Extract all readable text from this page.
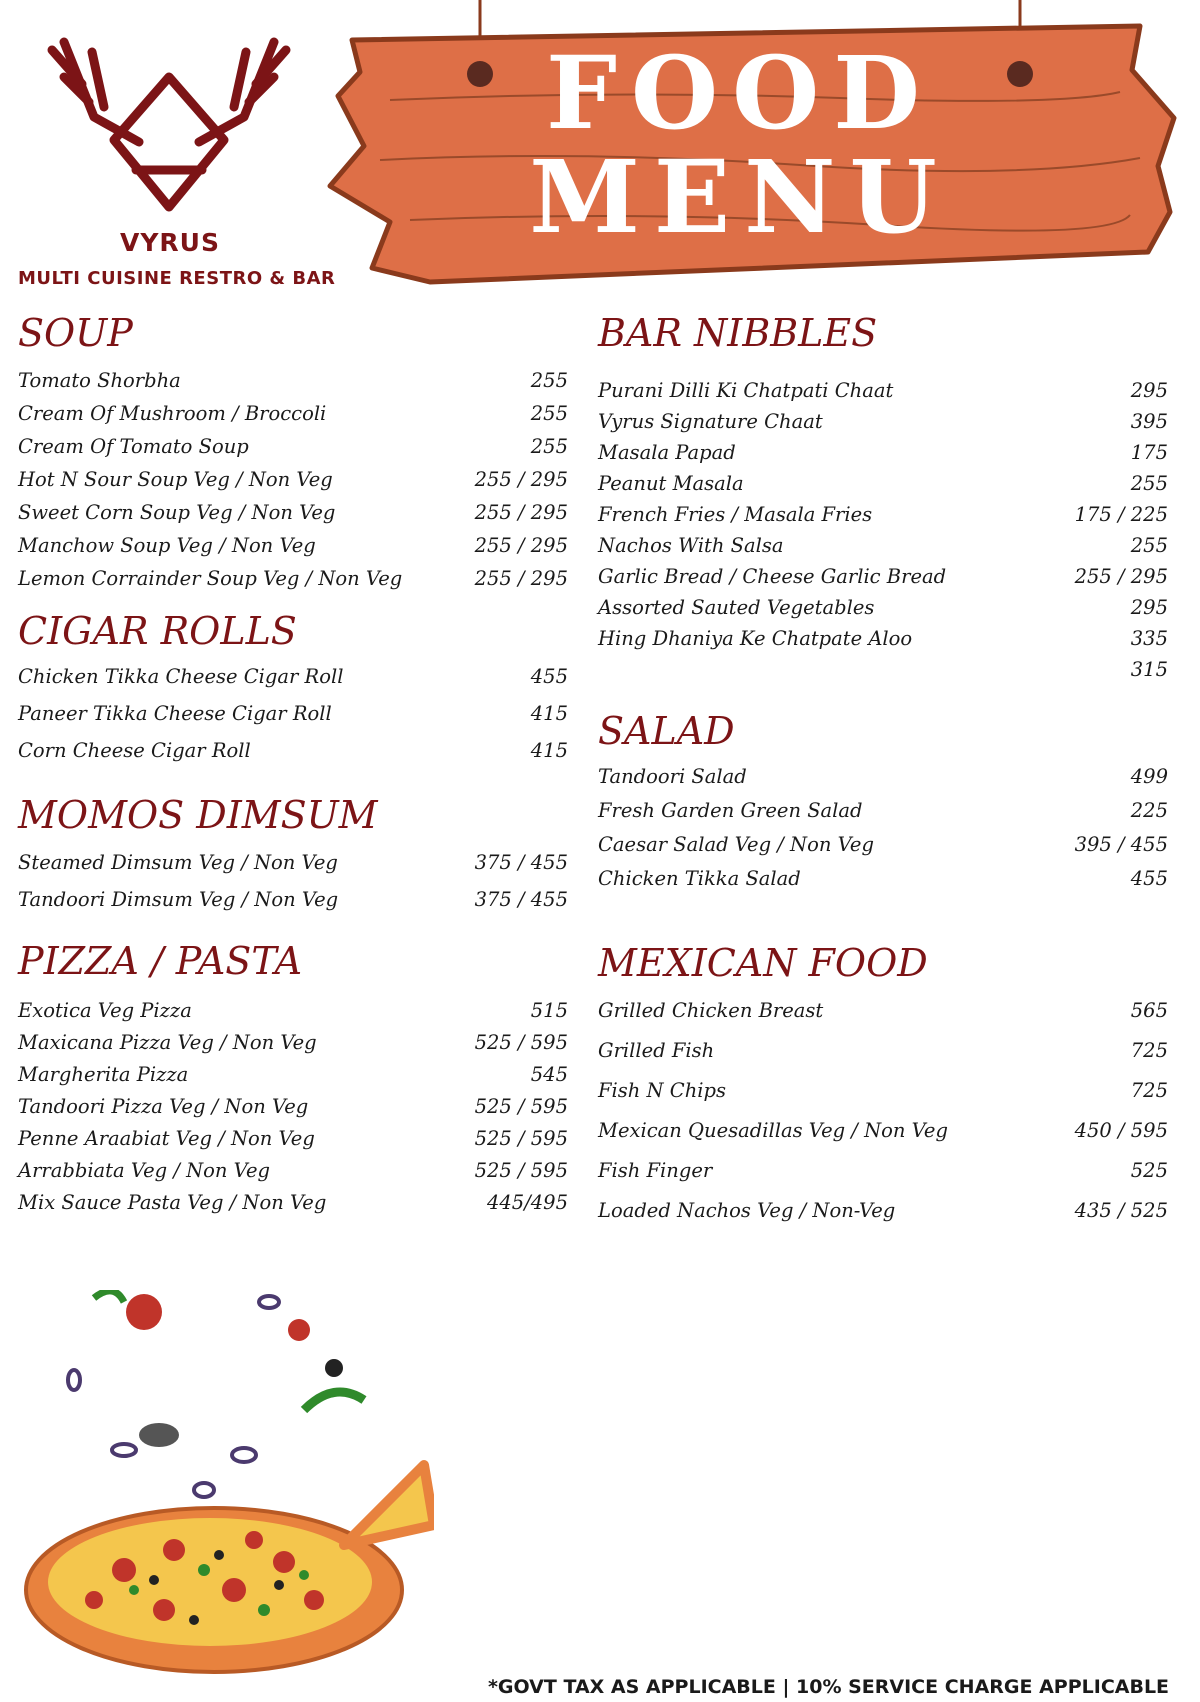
VYRUS
MULTI CUISINE RESTRO & BAR
FOOD
MENU
SOUP
Tomato Shorbha	255
Cream Of Mushroom / Broccoli	255
Cream Of Tomato Soup	255
Hot N Sour Soup Veg / Non Veg	255 / 295
Sweet Corn Soup Veg / Non Veg	255 / 295
Manchow Soup Veg / Non Veg	255 / 295
Lemon Corrainder Soup Veg / Non Veg	255 / 295
CIGAR ROLLS
Chicken Tikka Cheese Cigar Roll	455
Paneer Tikka Cheese Cigar Roll	415
Corn Cheese Cigar Roll	415
MOMOS DIMSUM
Steamed Dimsum Veg / Non Veg	375 / 455
Tandoori Dimsum Veg / Non Veg	375 / 455
PIZZA / PASTA
Exotica Veg Pizza	515
Maxicana Pizza Veg / Non Veg	525 / 595
Margherita Pizza	545
Tandoori Pizza Veg / Non Veg	525 / 595
Penne Araabiat Veg / Non Veg	525 / 595
Arrabbiata Veg / Non Veg	525 / 595
Mix Sauce Pasta Veg / Non Veg	445/495
BAR NIBBLES
Purani Dilli Ki Chatpati Chaat	295
Vyrus Signature Chaat	395
Masala Papad	175
Peanut Masala	255
French Fries / Masala Fries	175 / 225
Nachos With Salsa	255
Garlic Bread / Cheese Garlic Bread	255 / 295
Assorted Sauted Vegetables	295
Hing Dhaniya Ke Chatpate Aloo	335
315
SALAD
Tandoori Salad	499
Fresh Garden Green Salad	225
Caesar Salad Veg / Non Veg	395 / 455
Chicken Tikka Salad	455
MEXICAN FOOD
Grilled Chicken Breast	565
Grilled Fish	725
Fish N Chips	725
Mexican Quesadillas Veg / Non Veg	450 / 595
Fish Finger	525
Loaded Nachos Veg / Non-Veg	435 / 525
*GOVT TAX AS APPLICABLE | 10% SERVICE CHARGE APPLICABLE
